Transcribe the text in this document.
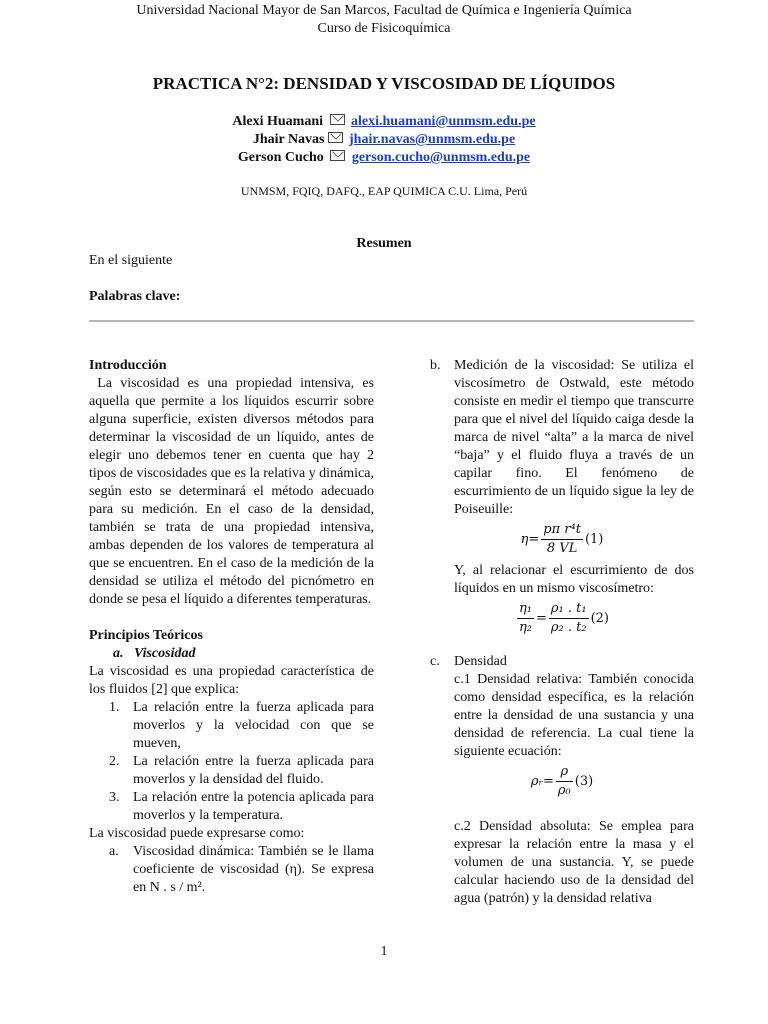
Universidad Nacional Mayor de San Marcos, Facultad de Química e Ingeniería Química
Curso de Fisicoquímica
PRACTICA N°2: DENSIDAD Y VISCOSIDAD DE LÍQUIDOS
Alexi Huamani alexi.huamani@unmsm.edu.pe
Jhair Navas jhair.navas@unmsm.edu.pe
Gerson Cucho gerson.cucho@unmsm.edu.pe
UNMSM, FQIQ, DAFQ., EAP QUIMICA C.U. Lima, Perú
Resumen
En el siguiente
Palabras clave:

Introducción

La viscosidad es una propiedad intensiva, es aquella que permite a los líquidos escurrir sobre alguna superficie, existen diversos métodos para determinar la viscosidad de un líquido, antes de elegir uno debemos tener en cuenta que hay 2 tipos de viscosidades que es la relativa y dinámica, según esto se determinará el método adecuado para su medición. En el caso de la densidad, también se trata de una propiedad intensiva, ambas dependen de los valores de temperatura al que se encuentren. En el caso de la medición de la densidad se utiliza el método del picnómetro en donde se pesa el líquido a diferentes temperaturas.

Principios Teóricos

a.   Viscosidad

La viscosidad es una propiedad característica de los fluidos [2] que explica:

1. La relación entre la fuerza aplicada para moverlos y la velocidad con que se mueven,
2. La relación entre la fuerza aplicada para moverlos y la densidad del fluido.
3. La relación entre la potencia aplicada para moverlos y la temperatura.

La viscosidad puede expresarse como:

a.	Viscosidad dinámica: También se le llama coeficiente de viscosidad (η). Se expresa en N . s / m².
b. Medición de la viscosidad: Se utiliza el viscosímetro de Ostwald, este método consiste en medir el tiempo que transcurre para que el nivel del líquido caiga desde la marca de nivel “alta” a la marca de nivel “baja” y el fluido fluya a través de un capilar fino. El fenómeno de escurrimiento de un líquido sigue la ley de Poiseuille:
$\eta= \frac{\text{pπ r⁴t}}{8 VL} (1)$

Y, al relacionar el escurrimiento de dos líquidos en un mismo viscosímetro:

$\frac{\text{η₁}}{\text{η₂}} = \frac{\text{ρ₁ . t₁}}{\text{ρ₂ . t₂}} (2)$
c.	Densidad

c.1 Densidad relativa: También conocida como densidad específica, es la relación entre la densidad de una sustancia y una densidad de referencia. La cual tiene la siguiente ecuación:

ρᵣ= $\frac{\rho}{\text{ρ₀}} (3)$

c.2 Densidad absoluta: Se emplea para expresar la relación entre la masa y el volumen de una sustancia. Y, se puede calcular haciendo uso de la densidad del agua (patrón) y la densidad relativa

1
